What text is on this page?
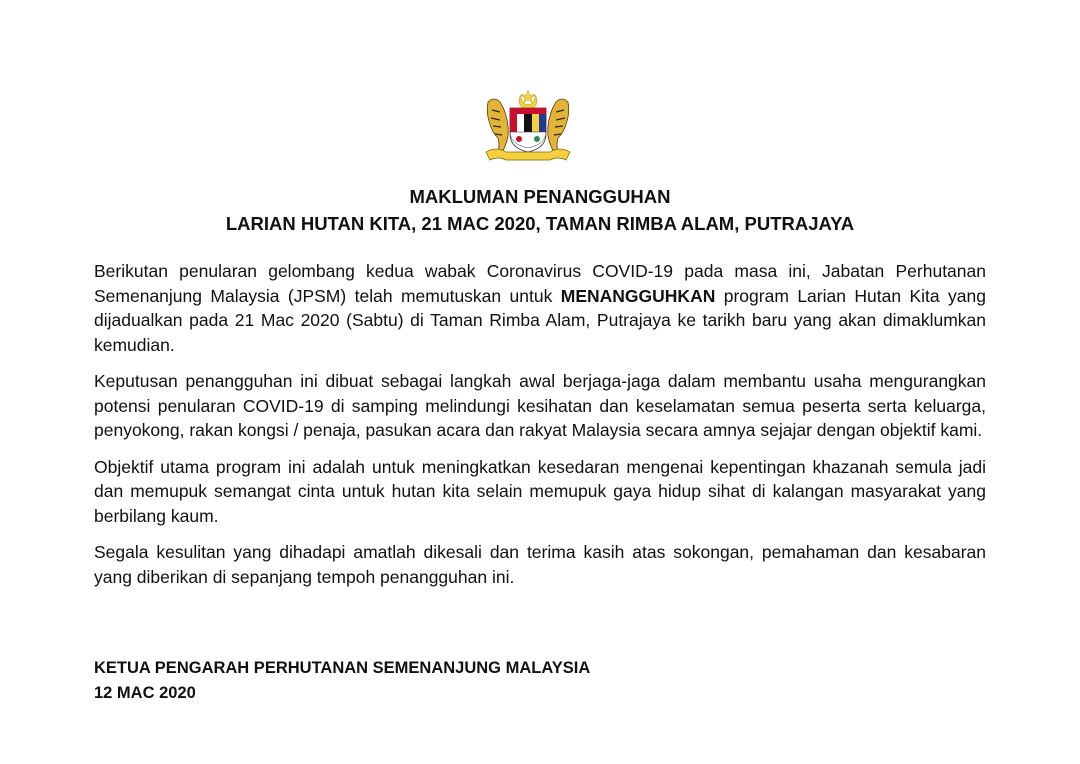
MAKLUMAN PENANGGUHAN
LARIAN HUTAN KITA, 21 MAC 2020, TAMAN RIMBA ALAM, PUTRAJAYA

Berikutan penularan gelombang kedua wabak Coronavirus COVID-19 pada masa ini, Jabatan Perhutanan Semenanjung Malaysia (JPSM) telah memutuskan untuk MENANGGUHKAN program Larian Hutan Kita yang dijadualkan pada 21 Mac 2020 (Sabtu) di Taman Rimba Alam, Putrajaya ke tarikh baru yang akan dimaklumkan kemudian.

Keputusan penangguhan ini dibuat sebagai langkah awal berjaga-jaga dalam membantu usaha mengurangkan potensi penularan COVID-19 di samping melindungi kesihatan dan keselamatan semua peserta serta keluarga, penyokong, rakan kongsi / penaja, pasukan acara dan rakyat Malaysia secara amnya sejajar dengan objektif kami.

Objektif utama program ini adalah untuk meningkatkan kesedaran mengenai kepentingan khazanah semula jadi dan memupuk semangat cinta untuk hutan kita selain memupuk gaya hidup sihat di kalangan masyarakat yang berbilang kaum.

Segala kesulitan yang dihadapi amatlah dikesali dan terima kasih atas sokongan, pemahaman dan kesabaran yang diberikan di sepanjang tempoh penangguhan ini.

KETUA PENGARAH PERHUTANAN SEMENANJUNG MALAYSIA
12 MAC 2020
